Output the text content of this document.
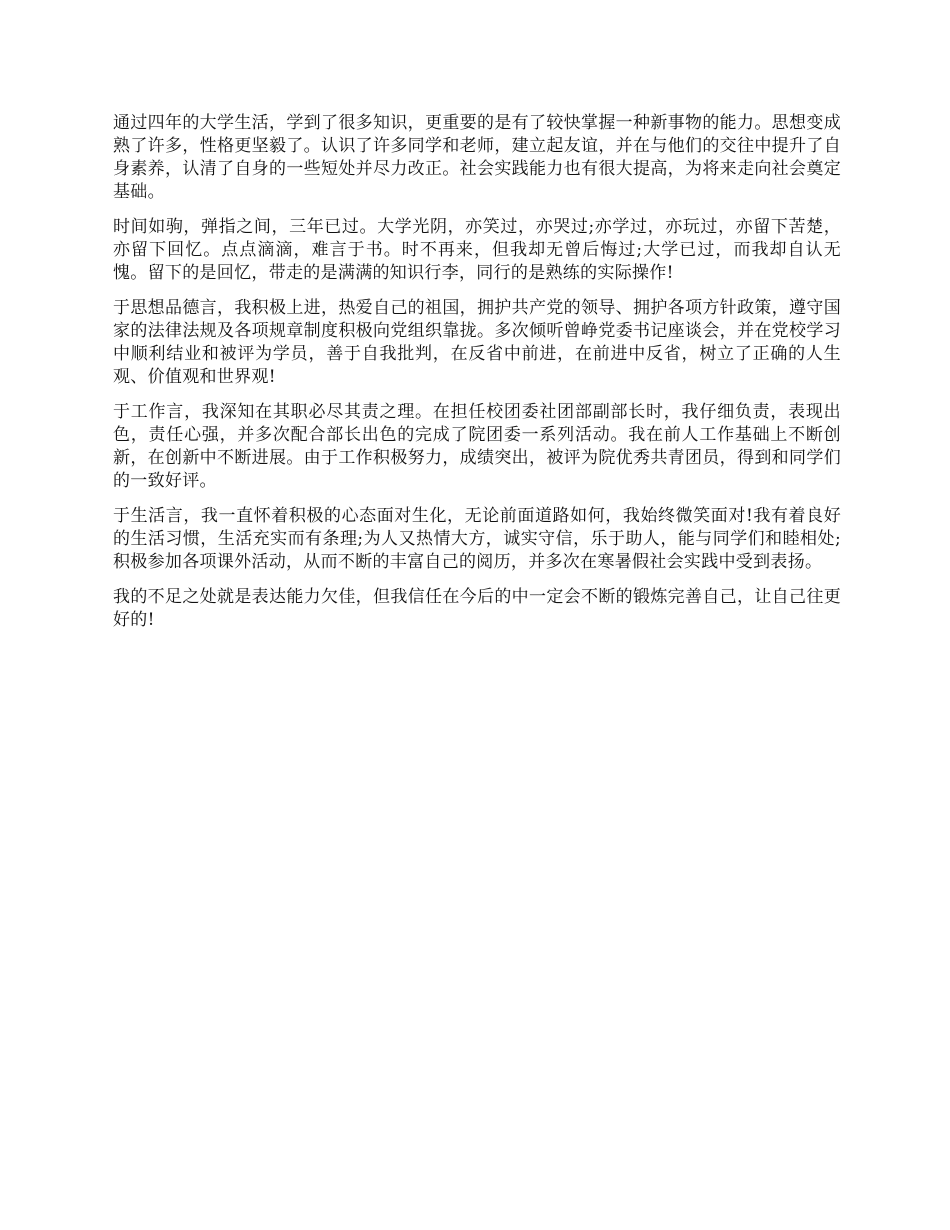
通过四年的大学生活，学到了很多知识，更重要的是有了较快掌握一种新事物的能力。思想变成熟了许多，性格更坚毅了。认识了许多同学和老师，建立起友谊，并在与他们的交往中提升了自身素养，认清了自身的一些短处并尽力改正。社会实践能力也有很大提高，为将来走向社会奠定基础。

时间如驹，弹指之间，三年已过。大学光阴，亦笑过，亦哭过;亦学过，亦玩过，亦留下苦楚，亦留下回忆。点点滴滴，难言于书。时不再来，但我却无曾后悔过;大学已过，而我却自认无愧。留下的是回忆，带走的是满满的知识行李，同行的是熟练的实际操作!

于思想品德言，我积极上进，热爱自己的祖国，拥护共产党的领导、拥护各项方针政策，遵守国家的法律法规及各项规章制度积极向党组织靠拢。多次倾听曾峥党委书记座谈会，并在党校学习中顺利结业和被评为学员，善于自我批判，在反省中前进，在前进中反省，树立了正确的人生观、价值观和世界观!

于工作言，我深知在其职必尽其责之理。在担任校团委社团部副部长时，我仔细负责，表现出色，责任心强，并多次配合部长出色的完成了院团委一系列活动。我在前人工作基础上不断创新，在创新中不断进展。由于工作积极努力，成绩突出，被评为院优秀共青团员，得到和同学们的一致好评。

于生活言，我一直怀着积极的心态面对生化，无论前面道路如何，我始终微笑面对!我有着良好的生活习惯，生活充实而有条理;为人又热情大方，诚实守信，乐于助人，能与同学们和睦相处;积极参加各项课外活动，从而不断的丰富自己的阅历，并多次在寒暑假社会实践中受到表扬。

我的不足之处就是表达能力欠佳，但我信任在今后的中一定会不断的锻炼完善自己，让自己往更好的!
